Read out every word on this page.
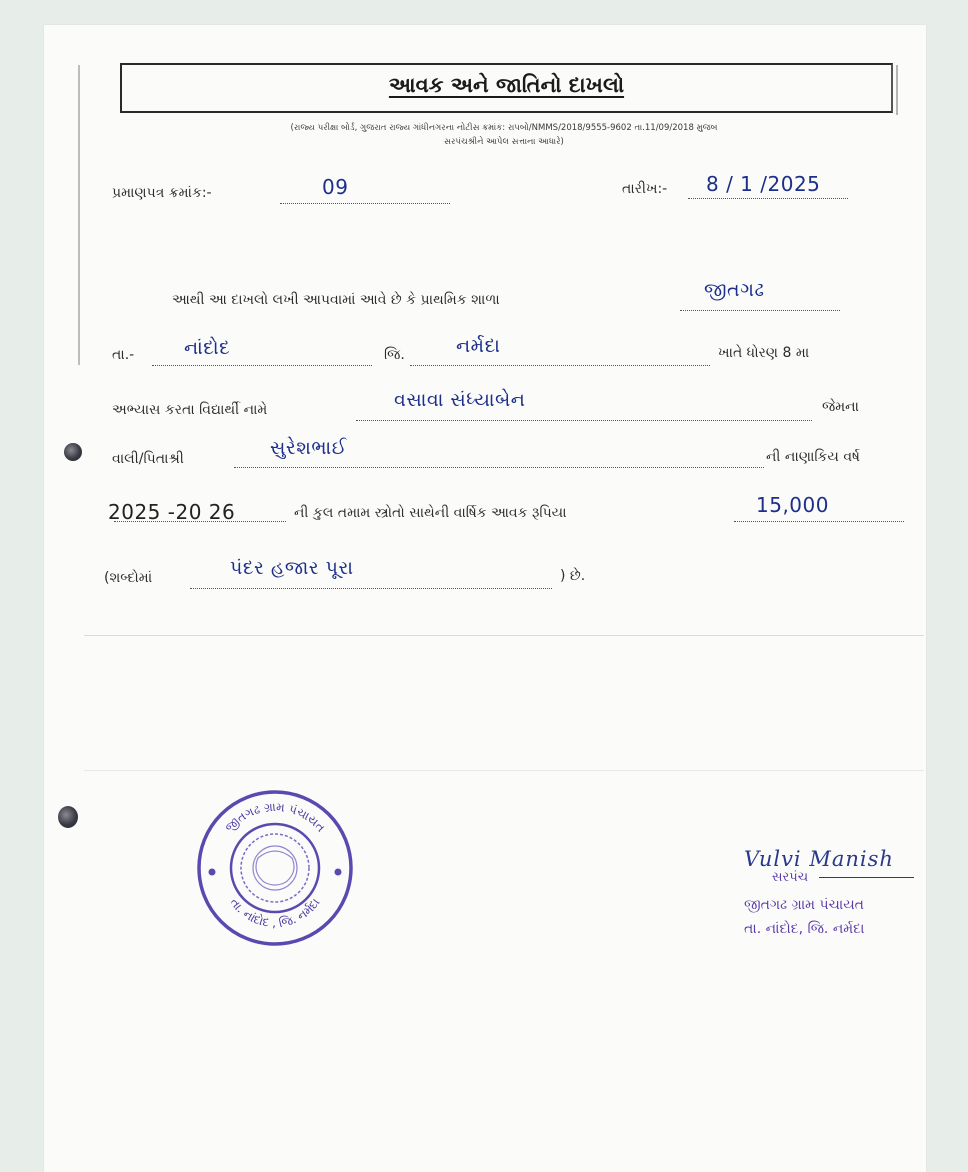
આવક અને જાતિનો દાખલો
(રાજ્ય પરીક્ષા બોર્ડ, ગુજરાત રાજ્ય ગાંધીનગરના નોટીસ ક્રમાંક: રાપબો/NMMS/2018/9555-9602 તા.11/09/2018 મુજબ
સરપંચશ્રીને આપેલ સત્તાના આધારે)
પ્રમાણપત્ર ક્રમાંક:-	09	તારીખ:- 8 / 1 /2025
આથી આ દાખલો લખી આપવામાં આવે છે કે પ્રાથમિક શાળા	જીતગઢ
તા.-	નાંદોદ	જિ.	નર્મદા	ખાતે ધોરણ 8 મા
અભ્યાસ કરતા વિદ્યાર્થી નામે	વસાવા સંધ્યાબેન	જેમના
વાલી/પિતાશ્રી	સુરેશભાઈ	ની નાણાકિય વર્ષ
2025 -20 26	ની કુલ તમામ સ્ત્રોતો સાથેની વાર્ષિક આવક રૂપિયા	15,000
(શબ્દોમાં	પંદર હજાર પૂરા	) છે.
જીતગઢ ગ્રામ પંચાયત
તા. નાંદોદ , જિ. નર્મદા
Vulvi Manish
સરપંચ
જીતગઢ ગ્રામ પંચાયત
તા. નાંદોદ, જિ. નર્મદા
